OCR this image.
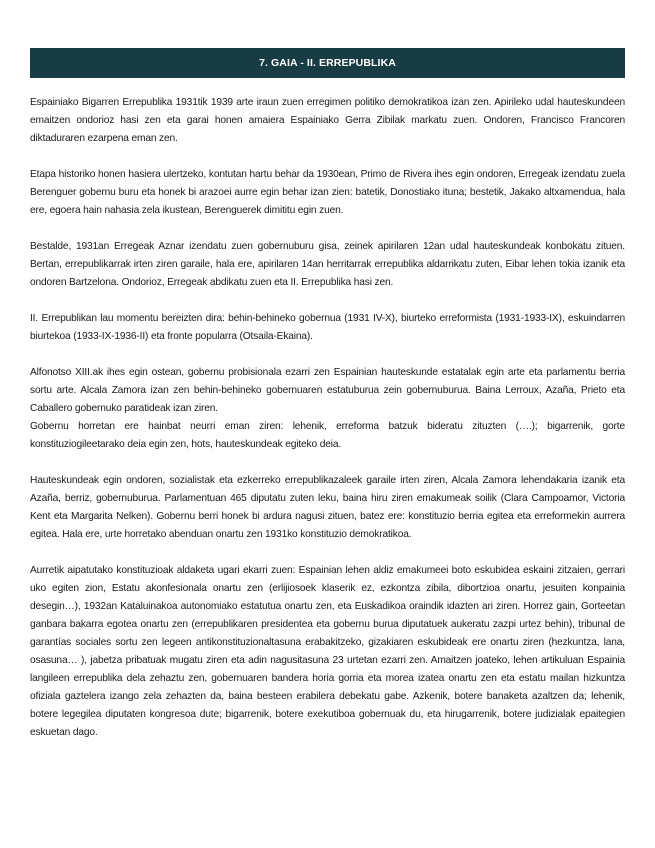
7. GAIA - II. ERREPUBLIKA

Espainiako Bigarren Errepublika 1931tik 1939 arte iraun zuen erregimen politiko demokratikoa izan zen. Apirileko udal hauteskundeen emaitzen ondorioz hasi zen eta garai honen amaiera Espainiako Gerra Zibilak markatu zuen. Ondoren, Francisco Francoren diktaduraren ezarpena eman zen.

Etapa historiko honen hasiera ulertzeko, kontutan hartu behar da 1930ean, Primo de Rivera ihes egin ondoren, Erregeak izendatu zuela Berenguer gobernu buru eta honek bi arazoei aurre egin behar izan zien: batetik, Donostiako ituna; bestetik, Jakako altxamendua, hala ere, egoera hain nahasia zela ikustean, Berenguerek dimititu egin zuen.

Bestalde, 1931an Erregeak Aznar izendatu zuen gobernuburu gisa, zeinek apirilaren 12an udal hauteskundeak konbokatu zituen. Bertan, errepublikarrak irten ziren garaile, hala ere, apirilaren 14an herritarrak errepublika aldarrikatu zuten, Eibar lehen tokia izanik eta ondoren Bartzelona. Ondorioz, Erregeak abdikatu zuen eta II. Errepublika hasi zen.

II. Errepublikan lau momentu bereizten dira: behin-behineko gobernua (1931 IV-X), biurteko erreformista (1931-1933-IX), eskuindarren biurtekoa (1933-IX-1936-II) eta fronte popularra (Otsaila-Ekaina).

Alfonotso XIII.ak ihes egin ostean, gobernu probisionala ezarri zen Espainian hauteskunde estatalak egin arte eta parlamentu berria sortu arte. Alcala Zamora izan zen behin-behineko gobernuaren estatuburua zein gobernuburua. Baina Lerroux, Azaña, Prieto eta Caballero gobernuko paratideak izan ziren.

Gobernu horretan ere hainbat neurri eman ziren: lehenik, erreforma batzuk bideratu zituzten (….); bigarrenik, gorte konstituziogileetarako deia egin zen, hots, hauteskundeak egiteko deia.

Hauteskundeak egin ondoren, sozialistak eta ezkerreko errepublikazaleek garaile irten ziren, Alcala Zamora lehendakaria izanik eta Azaña, berriz, gobernuburua. Parlamentuan 465 diputatu zuten leku, baina hiru ziren emakumeak soilik (Clara Campoamor, Victoria Kent eta Margarita Nelken). Gobernu berri honek bi ardura nagusi zituen, batez ere: konstituzio berria egitea eta erreformekin aurrera egitea. Hala ere, urte horretako abenduan onartu zen 1931ko konstituzio demokratikoa.

Aurretik aipatutako konstituzioak aldaketa ugari ekarri zuen: Espainian lehen aldiz emakumeei boto eskubidea eskaini zitzaien, gerrari uko egiten zion, Estatu akonfesionala onartu zen (erlijiosoek klaserik ez, ezkontza zibila, dibortzioa onartu, jesuiten konpainia desegin…), 1932an Kataluinakoa autonomiako estatutua onartu zen, eta Euskadikoa oraindik idazten ari ziren. Horrez gain, Gorteetan ganbara bakarra egotea onartu zen (errepublikaren presidentea eta gobernu burua diputatuek aukeratu zazpi urtez behin), tribunal de garantías sociales sortu zen legeen antikonstituzionaltasuna erabakitzeko, gizakiaren eskubideak ere onartu ziren (hezkuntza, lana, osasuna… ), jabetza pribatuak mugatu ziren eta adin nagusitasuna 23 urtetan ezarri zen. Amaitzen joateko, lehen artikuluan Espainia langileen errepublika dela zehaztu zen, gobernuaren bandera horia gorria eta morea izatea onartu zen eta estatu mailan hizkuntza ofiziala gaztelera izango zela zehazten da, baina besteen erabilera debekatu gabe. Azkenik, botere banaketa azaltzen da; lehenik, botere legegilea diputaten kongresoa dute; bigarrenik, botere exekutiboa gobernuak du, eta hirugarrenik, botere judizialak epaitegien eskuetan dago.
